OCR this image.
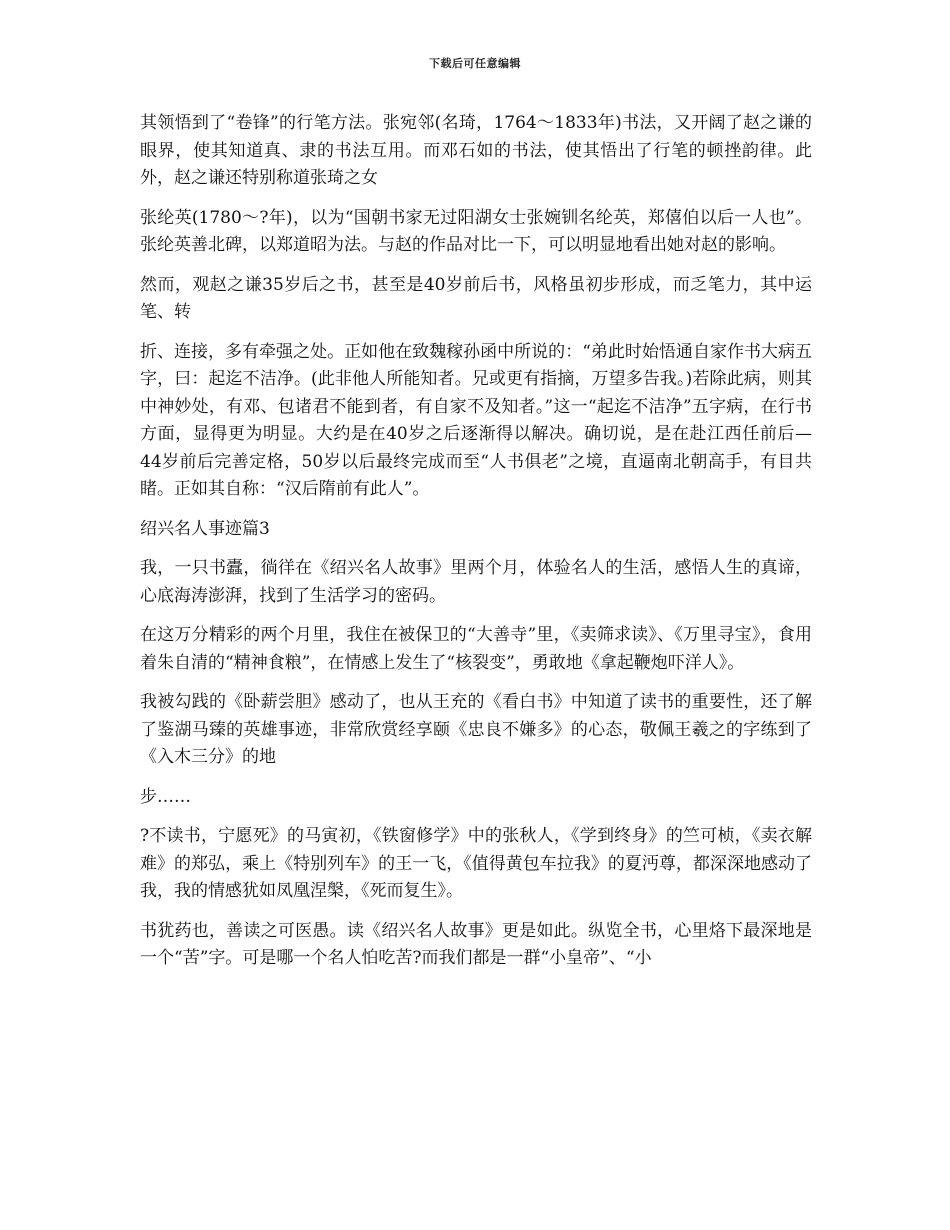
下载后可任意编辑

其领悟到了“卷锋”的行笔方法。张宛邻(名琦，1764～1833年)书法，又开阔了赵之谦的眼界，使其知道真、隶的书法互用。而邓石如的书法，使其悟出了行笔的顿挫韵律。此外，赵之谦还特别称道张琦之女

张纶英(1780～?年)，以为“国朝书家无过阳湖女士张婉钏名纶英，郑僖伯以后一人也”。张纶英善北碑，以郑道昭为法。与赵的作品对比一下，可以明显地看出她对赵的影响。

然而，观赵之谦35岁后之书，甚至是40岁前后书，风格虽初步形成，而乏笔力，其中运笔、转

折、连接，多有牵强之处。正如他在致魏稼孙函中所说的：“弟此时始悟通自家作书大病五字，曰：起迄不洁净。(此非他人所能知者。兄或更有指摘，万望多告我。)若除此病，则其中神妙处，有邓、包诸君不能到者，有自家不及知者。”这一“起迄不洁净”五字病，在行书方面，显得更为明显。大约是在40岁之后逐渐得以解决。确切说，是在赴江西任前后—44岁前后完善定格，50岁以后最终完成而至“人书俱老”之境，直逼南北朝高手，有目共睹。正如其自称：“汉后隋前有此人”。

绍兴名人事迹篇3

我，一只书蠹，徜徉在《绍兴名人故事》里两个月，体验名人的生活，感悟人生的真谛，心底海涛澎湃，找到了生活学习的密码。

在这万分精彩的两个月里，我住在被保卫的“大善寺”里，《卖筛求读》、《万里寻宝》，食用着朱自清的“精神食粮”，在情感上发生了“核裂变”，勇敢地《拿起鞭炮吓洋人》。

我被勾践的《卧薪尝胆》感动了，也从王充的《看白书》中知道了读书的重要性，还了解了鉴湖马臻的英雄事迹，非常欣赏经享颐《忠良不嫌多》的心态，敬佩王羲之的字练到了《入木三分》的地

步……

?不读书，宁愿死》的马寅初，《铁窗修学》中的张秋人，《学到终身》的竺可桢，《卖衣解难》的郑弘，乘上《特别列车》的王一飞，《值得黄包车拉我》的夏沔尊，都深深地感动了我，我的情感犹如凤凰涅槃，《死而复生》。

书犹药也，善读之可医愚。读《绍兴名人故事》更是如此。纵览全书，心里烙下最深地是一个“苦”字。可是哪一个名人怕吃苦?而我们都是一群“小皇帝”、“小
